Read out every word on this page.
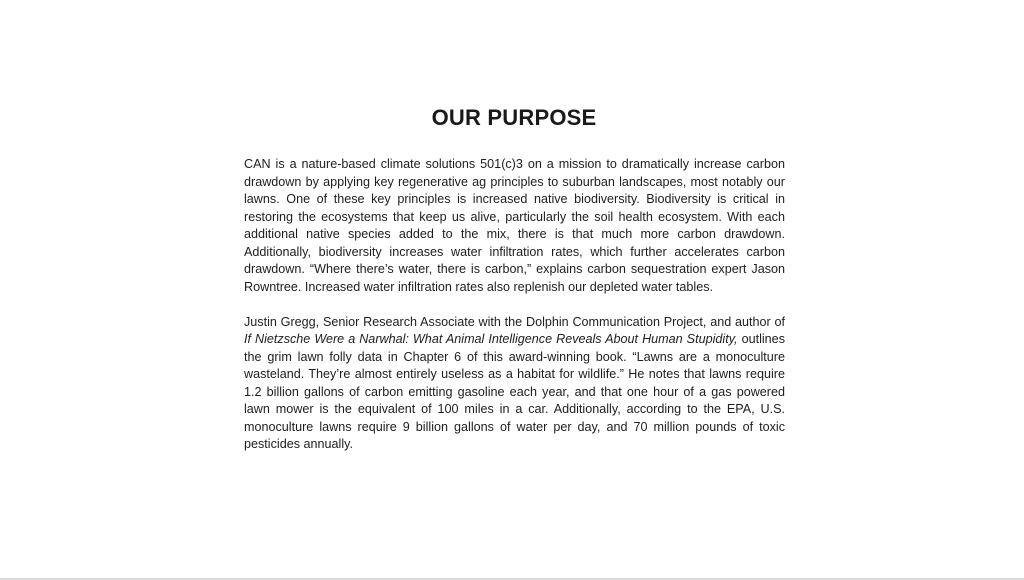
OUR PURPOSE

CAN is a nature-based climate solutions 501(c)3 on a mission to dramatically increase carbon drawdown by applying key regenerative ag principles to suburban landscapes, most notably our lawns. One of these key principles is increased native biodiversity. Biodiversity is critical in restoring the ecosystems that keep us alive, particularly the soil health ecosystem. With each additional native species added to the mix, there is that much more carbon drawdown. Additionally, biodiversity increases water infiltration rates, which further accelerates carbon drawdown. “Where there’s water, there is carbon,” explains carbon sequestration expert Jason Rowntree. Increased water infiltration rates also replenish our depleted water tables.

Justin Gregg, Senior Research Associate with the Dolphin Communication Project, and author of If Nietzsche Were a Narwhal: What Animal Intelligence Reveals About Human Stupidity, outlines the grim lawn folly data in Chapter 6 of this award-winning book. “Lawns are a monoculture wasteland. They’re almost entirely useless as a habitat for wildlife.” He notes that lawns require 1.2 billion gallons of carbon emitting gasoline each year, and that one hour of a gas powered lawn mower is the equivalent of 100 miles in a car. Additionally, according to the EPA, U.S. monoculture lawns require 9 billion gallons of water per day, and 70 million pounds of toxic pesticides annually.
